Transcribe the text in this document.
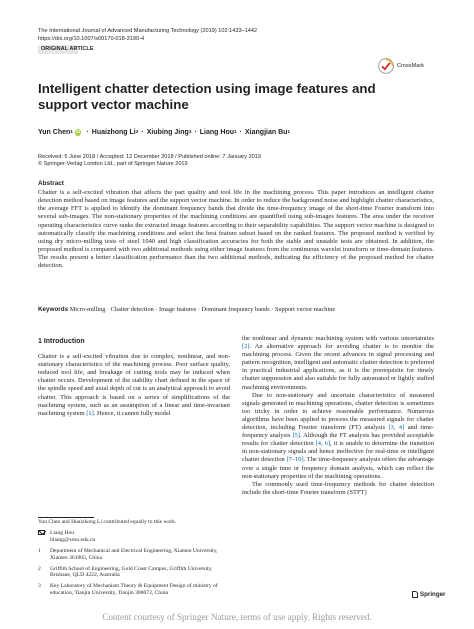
The International Journal of Advanced Manufacturing Technology (2019) 102:1433–1442
https://doi.org/10.1007/s00170-018-3190-4
ORIGINAL ARTICLE
CrossMark
Intelligent chatter detection using image features and support vector machine
Yun Chen 1 iD · Huaizhong Li 2 · Xiubing Jing 3 · Liang Hou 1 · Xiangjian Bu 1
Received: 5 June 2018 / Accepted: 12 December 2018 / Published online: 7 January 2019
© Springer-Verlag London Ltd., part of Springer Nature 2019
Abstract

Chatter is a self-excited vibration that affects the part quality and tool life in the machining process. This paper introduces an intelligent chatter detection method based on image features and the support vector machine. In order to reduce the background noise and highlight chatter characteristics, the average FFT is applied to identify the dominant frequency bands that divide the time-frequency image of the short-time Fourier transform into several sub-images. The non-stationary properties of the machining conditions are quantified using sub-images features. The area under the receiver operating characteristics curve ranks the extracted image features according to their separability capabilities. The support vector machine is designed to automatically classify the machining conditions and select the best feature subset based on the ranked features. The proposed method is verified by using dry micro-milling tests of steel 1040 and high classification accuracies for both the stable and unstable tests are obtained. In addition, the proposed method is compared with two additional methods using either image features from the continuous wavelet transform or time-domain features. The results present a better classification performance than the two additional methods, indicating the efficiency of the proposed method for chatter detection.

Keywords Micro-milling · Chatter detection · Image features · Dominant frequency bands · Support vector machine

1 Introduction

Chatter is a self-excited vibration due to complex, nonlinear, and non-stationary characteristics of the machining process. Poor surface quality, reduced tool life, and breakage of cutting tools may be induced when chatter occurs. Development of the stability chart defined in the space of the spindle speed and axial depth of cut is an analytical approach to avoid chatter. This approach is based on a series of simplifications of the machining system, such as an assumption of a linear and time-invariant machining system [1]. Hence, it cannot fully model

the nonlinear and dynamic machining system with various uncertainties [2]. An alternative approach for avoiding chatter is to monitor the machining process. Given the recent advances in signal processing and pattern recognition, intelligent and automatic chatter detection is preferred in practical industrial applications, as it is the prerequisite for timely chatter suppression and also suitable for fully automated or lightly staffed machining environments.

Due to non-stationary and uncertain characteristics of measured signals generated in machining operations, chatter detection is sometimes too tricky in order to achieve reasonable performance. Numerous algorithms have been applied to process the measured signals for chatter detection, including Fourier transform (FT) analysis [3, 4] and time-frequency analysis [5]. Although the FT analysis has provided acceptable results for chatter detection [4, 6], it is unable to determine the transition in non-stationary signals and hence ineffective for real-time or intelligent chatter detection [7–10]. The time-frequency analysis offers the advantage over a single time or frequency domain analysis, which can reflect the non-stationary properties of the machining operations.

The commonly used time-frequency methods for chatter detection include the short-time Fourier transform (STFT)

Yun Chen and Huaizhong Li contributed equally to this work.
Liang Hou
hliang@xmu.edu.cn
1	Department of Mechanical and Electrical Engineering, Xiamen University, Xiamen 361005, China
2	Griffith School of Engineering, Gold Coast Campus, Griffith University, Brisbane, QLD 4222, Australia
3	Key Laboratory of Mechanism Theory & Equipment Design of ministry of education, Tianjin University, Tianjin 300072, China	Springer
Content courtesy of Springer Nature, terms of use apply. Rights reserved.
